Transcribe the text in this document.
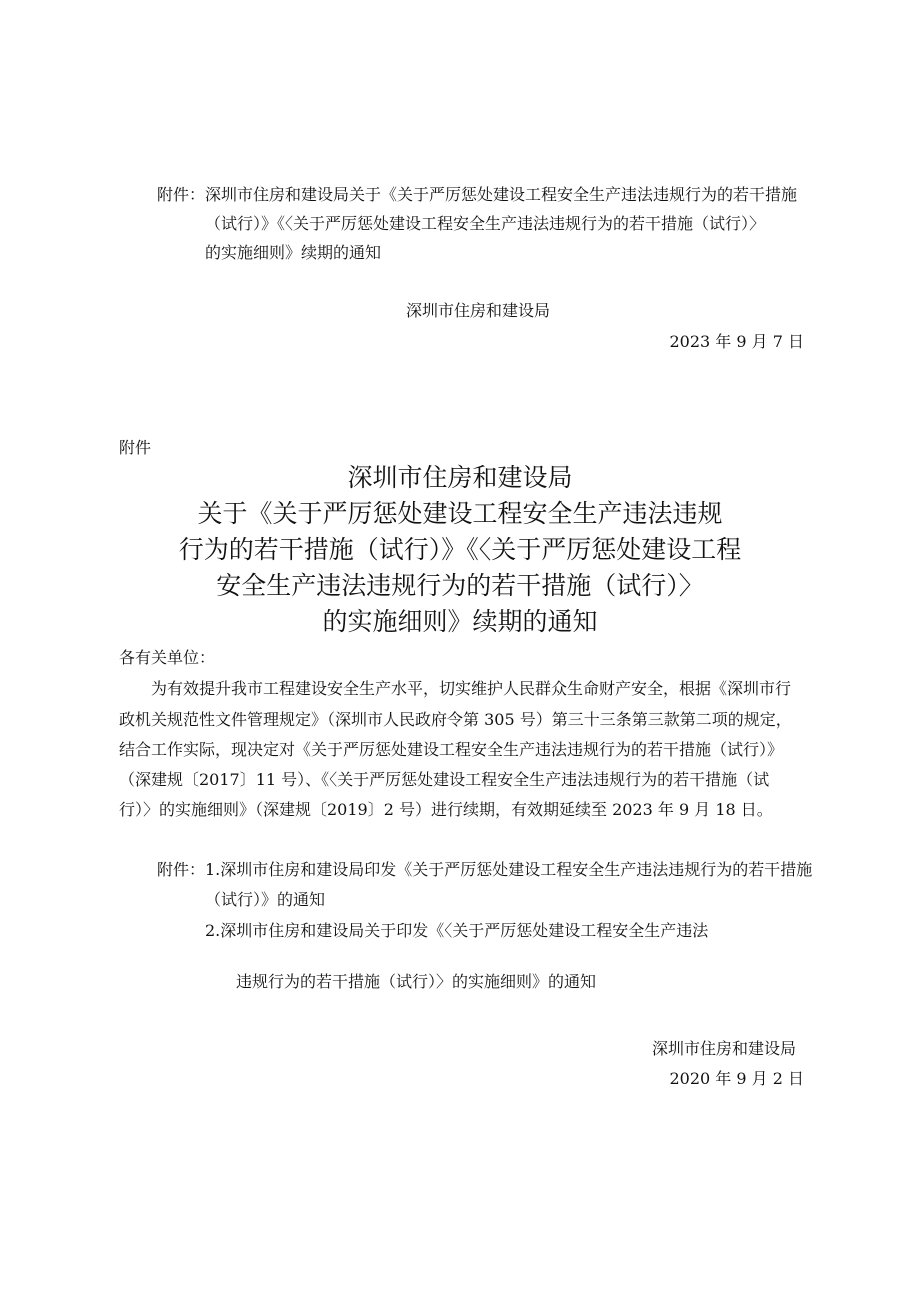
附件：深圳市住房和建设局关于《关于严厉惩处建设工程安全生产违法违规行为的若干措施
（试行）》《〈关于严厉惩处建设工程安全生产违法违规行为的若干措施（试行）〉
的实施细则》续期的通知
深圳市住房和建设局
2023 年 9 月 7 日
附件
深圳市住房和建设局
关于《关于严厉惩处建设工程安全生产违法违规
行为的若干措施（试行）》《〈关于严厉惩处建设工程
安全生产违法违规行为的若干措施（试行）〉
的实施细则》续期的通知
各有关单位：
为有效提升我市工程建设安全生产水平，切实维护人民群众生命财产安全，根据《深圳市行
政机关规范性文件管理规定》（深圳市人民政府令第 305 号）第三十三条第三款第二项的规定，
结合工作实际，现决定对《关于严厉惩处建设工程安全生产违法违规行为的若干措施（试行）》
（深建规〔2017〕11 号）、《〈关于严厉惩处建设工程安全生产违法违规行为的若干措施（试
行）〉的实施细则》（深建规〔2019〕2 号）进行续期，有效期延续至 2023 年 9 月 18 日。
附件：1.深圳市住房和建设局印发《关于严厉惩处建设工程安全生产违法违规行为的若干措施
（试行）》的通知
2.深圳市住房和建设局关于印发《〈关于严厉惩处建设工程安全生产违法
违规行为的若干措施（试行）〉的实施细则》的通知
深圳市住房和建设局
2020 年 9 月 2 日
